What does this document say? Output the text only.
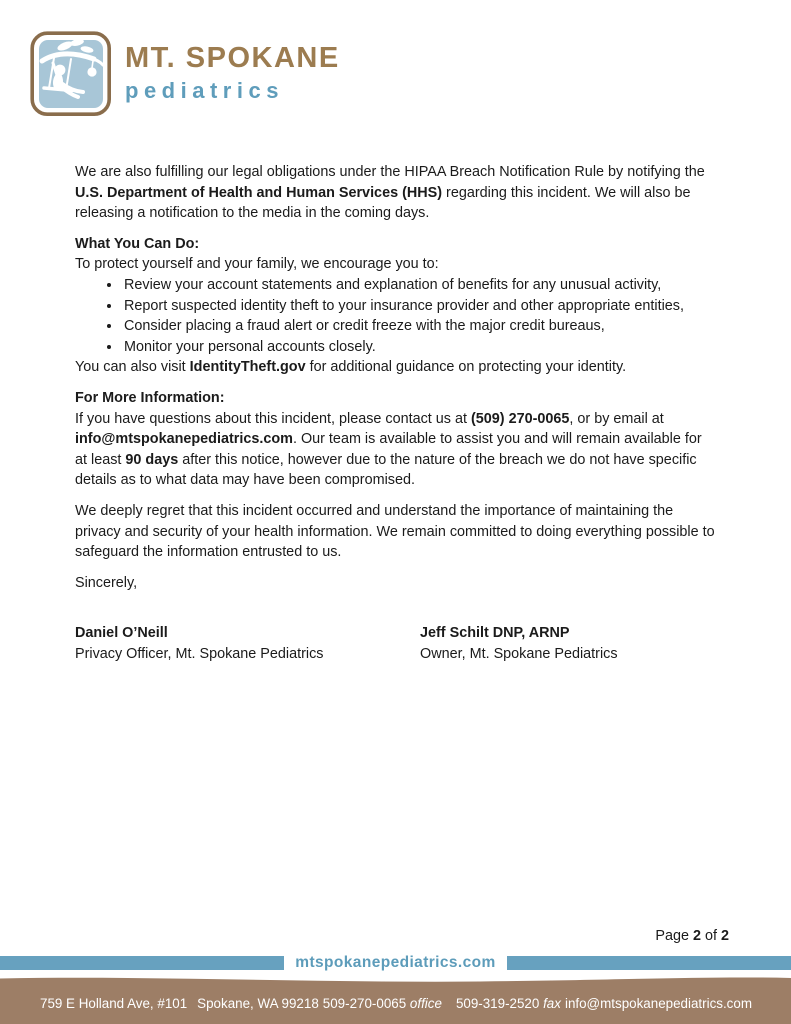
MT. SPOKANE
pediatrics

We are also fulfilling our legal obligations under the HIPAA Breach Notification Rule by notifying the U.S. Department of Health and Human Services (HHS) regarding this incident. We will also be releasing a notification to the media in the coming days.

What You Can Do:

To protect yourself and your family, we encourage you to:

• Review your account statements and explanation of benefits for any unusual activity,
• Report suspected identity theft to your insurance provider and other appropriate entities,
• Consider placing a fraud alert or credit freeze with the major credit bureaus,
• Monitor your personal accounts closely.

You can also visit IdentityTheft.gov for additional guidance on protecting your identity.

For More Information:

If you have questions about this incident, please contact us at (509) 270-0065, or by email at info@mtspokanepediatrics.com. Our team is available to assist you and will remain available for at least 90 days after this notice, however due to the nature of the breach we do not have specific details as to what data may have been compromised.

We deeply regret that this incident occurred and understand the importance of maintaining the privacy and security of your health information. We remain committed to doing everything possible to safeguard the information entrusted to us.

Sincerely,

Daniel O’Neill
Privacy Officer, Mt. Spokane Pediatrics
Jeff Schilt DNP, ARNP
Owner, Mt. Spokane Pediatrics
Page 2 of 2
mtspokanepediatrics.com
759 E Holland Ave, #101 Spokane, WA 99218 509-270-0065 office 509-319-2520 fax info@mtspokanepediatrics.com
